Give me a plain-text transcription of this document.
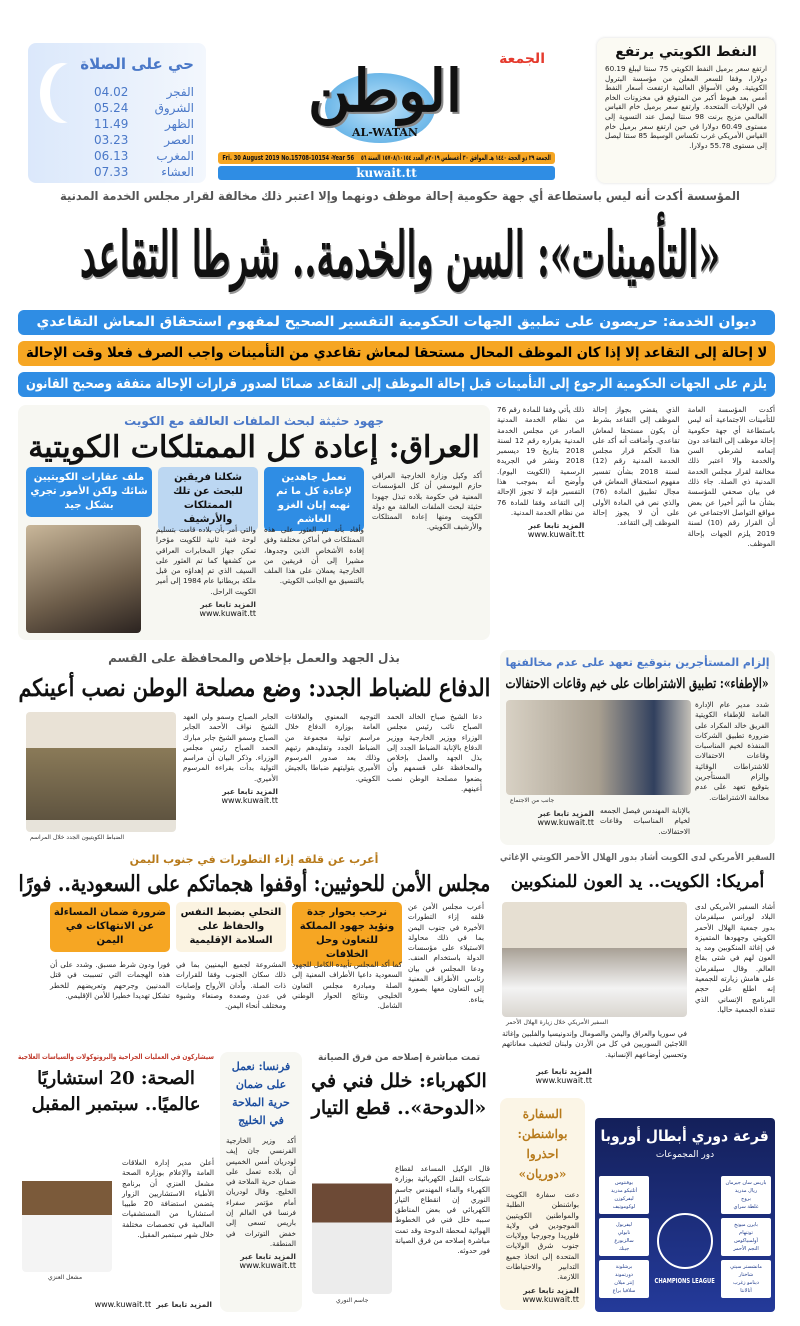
حي على الصلاة
الفجر
04.02
الشروق
05.24
الظهر
11.49
العصر
03.23
المغرب
06.13
العشاء
07.33
الجمعة
الوطن
AL-WATAN
الجمعة ٢٩ ذو الحجة ١٤٤٠ هـ الموافق ٣٠ أغسطس ٢٠١٩م العدد ١٥٧٠٨/١٠١٥٤ السنة ٥٦
Fri. 30 August 2019 No.15708-10154 -Year 56
kuwait.tt
النفط الكويتي يرتفع
ارتفع سعر برميل النفط الكويتي 75 سنتا ليبلغ 60.19 دولارا، وفقا للسعر المعلن من مؤسسة البترول الكويتية. وفي الأسواق العالمية ارتفعت أسعار النفط أمس بعد هبوط أكبر من المتوقع في مخزونات الخام في الولايات المتحدة. وارتفع سعر برميل خام القياس العالمي مزيج برنت 98 سنتا ليصل عند التسوية إلى مستوى 60.49 دولارا في حين ارتفع سعر برميل خام القياس الأمريكي غرب تكساس الوسيط 85 سنتا ليصل إلى مستوى 55.78 دولارا.
المؤسسة أكدت أنه ليس باستطاعة أي جهة حكومية إحالة موظف دونهما وإلا اعتبر ذلك مخالفة لقرار مجلس الخدمة المدنية
«التأمينات»: السن والخدمة.. شرطا التقاعد
ديوان الخدمة: حريصون على تطبيق الجهات الحكومية التفسير الصحيح لمفهوم استحقاق المعاش التقاعدي
لا إحالة إلى التقاعد إلا إذا كان الموظف المحال مستحقا لمعاش تقاعدي من التأمينات واجب الصرف فعلا وقت الإحالة
يلزم على الجهات الحكومية الرجوع إلى التأمينات قبل إحالة الموظف إلى التقاعد ضمانًا لصدور قرارات الإحالة متفقة وصحيح القانون
أكدت المؤسسة العامة للتأمينات الاجتماعية أنه ليس باستطاعة أي جهة حكومية إحالة موظف إلى التقاعد دون إتمامه لشرطي السن والخدمة وإلا اعتبر ذلك مخالفة لقرار مجلس الخدمة المدنية ذي الصلة. جاء ذلك في بيان صحفي للمؤسسة بشأن ما أثير أخيرا عن بعض مواقع التواصل الاجتماعي عن أن القرار رقم (10) لسنة 2019 يلزم الجهات بإحالة الموظف.
الذي يقضي بجواز إحالة الموظف إلى التقاعد بشرط أن يكون مستحقا لمعاش تقاعدي. وأضافت أنه أكد على هذا الحكم قرار مجلس الخدمة المدنية رقم (12) لسنة 2018 بشأن تفسير مفهوم استحقاق المعاش في مجال تطبيق المادة (76) والذي نص في المادة الأولى على أن لا يجوز إحالة الموظف إلى التقاعد.
ذلك يأتي وفقا للمادة رقم 76 من نظام الخدمة المدنية الصادر عن مجلس الخدمة المدنية بقراره رقم 12 لسنة 2018 بتاريخ 19 ديسمبر 2018 ونشر في الجريدة الرسمية (الكويت اليوم). وأوضح أنه بموجب هذا التفسير فإنه لا تجوز الإحالة إلى التقاعد وفقا للمادة 76 من نظام الخدمة المدنية.
المزيد تابعا عبر
www.kuwait.tt
جهود حثيثة لبحث الملفات العالقة مع الكويت
العراق: إعادة كل الممتلكات الكويتية
نعمل جاهدين لإعادة كل ما تم نهبه إبان الغزو الغاشم
شكلنا فريقين للبحث عن تلك الممتلكات والأرشيف
ملف عقارات الكويتيين شائك ولكن الأمور تجري بشكل جيد
أكد وكيل وزارة الخارجية العراقي حازم اليوسفي أن كل المؤسسات المعنية في حكومة بلاده تبذل جهودا حثيثة لبحث الملفات العالقة مع دولة الكويت ومنها إعادة الممتلكات والأرشيف الكويتي.
وأفاد بأنه تم العثور على هذه الممتلكات في أماكن مختلفة وفق إفادة الأشخاص الذين وجدوها، مشيرا إلى أن فريقين من الخارجية يعملان على هذا الملف بالتنسيق مع الجانب الكويتي.
والتي أمر بأن بلاده قامت بتسليم لوحة فنية ثانية للكويت مؤخرا تمكن جهاز المخابرات العراقي من كشفها كما تم العثور على السيف الذي تم إهداؤه من قبل ملكة بريطانيا عام 1984 إلى أمير الكويت الراحل.
المزيد تابعا عبر
www.kuwait.tt
بذل الجهد والعمل بإخلاص والمحافظة على القسم
الدفاع للضباط الجدد: وضع مصلحة الوطن نصب أعينكم
دعا الشيخ صباح الخالد الحمد الصباح نائب رئيس مجلس الوزراء ووزير الخارجية ووزير الدفاع بالإنابة الضباط الجدد إلى بذل الجهد والعمل بإخلاص والمحافظة على قسمهم وأن يضعوا مصلحة الوطن نصب أعينهم.
التوجيه المعنوي والعلاقات العامة بوزارة الدفاع خلال مراسم تولية مجموعة من الضباط الجدد وتقليدهم رتبهم وذلك بعد صدور المرسوم الأميري بتوليتهم ضباطا بالجيش الكويتي.
الجابر الصباح وسمو ولي العهد الشيخ نواف الأحمد الجابر الصباح وسمو الشيخ جابر مبارك الحمد الصباح رئيس مجلس الوزراء. وذكر البيان أن مراسم التولية بدأت بقراءة المرسوم الأميري.
المزيد تابعا عبر
www.kuwait.tt
الضباط الكويتيون الجدد خلال المراسم
إلزام المستأجرين بتوقيع تعهد على عدم مخالفتها
«الإطفاء»: تطبيق الاشتراطات على خيم وقاعات الاحتفالات
شدد مدير عام الإدارة العامة للإطفاء الكويتية الفريق خالد المكراد على ضرورة تطبيق الشركات المنفذة لخيم المناسبات وقاعات الاحتفالات للاشتراطات الوقائية وإلزام المستأجرين بتوقيع تعهد على عدم مخالفة الاشتراطات.
جانب من الاجتماع
بالإنابة المهندس فيصل الجمعه لخيام المناسبات وقاعات الاحتفالات.
المزيد تابعا عبر
www.kuwait.tt
أعرب عن قلقه إزاء التطورات في جنوب اليمن
مجلس الأمن للحوثيين: أوقفوا هجماتكم على السعودية.. فورًا
نرحب بحوار جدة ونؤيد جهود المملكة للتعاون وحل الخلافات
التحلي بضبط النفس والحفاظ على السلامة الإقليمية
ضرورة ضمان المساءلة عن الانتهاكات في اليمن
أعرب مجلس الأمن عن قلقه إزاء التطورات الأخيرة في جنوب اليمن بما في ذلك محاولة الاستيلاء على مؤسسات الدولة باستخدام العنف. ودعا المجلس في بيان رئاسي الأطراف المعنية إلى التعاون معها بصورة بناءة.
كما أكد المجلس تأييده الكامل للجهود السعودية داعيا الأطراف المعنية إلى الصلة ومبادرة مجلس التعاون الخليجي ونتائج الحوار الوطني الشامل.
المشروعة لجميع اليمنيين بما في ذلك سكان الجنوب وفقا للقرارات ذات الصلة. وأدان الأرواح وإصابات في عدن وصعدة وصنعاء وشبوة ومختلف أنحاء اليمن.
فورا ودون شرط مسبق. وشدد على أن هذه الهجمات التي تسببت في قتل المدنيين وجرحهم وتعريضهم للخطر تشكل تهديدا خطيرا للأمن الإقليمي.
السفير الأمريكي لدى الكويت أشاد بدور الهلال الأحمر الكويتي الإغاثي
أمريكا: الكويت.. يد العون للمنكوبين
أشاد السفير الأمريكي لدى البلاد لورانس سيلفرمان بدور جمعية الهلال الأحمر الكويتي وجهودها المتميزة في إغاثة المنكوبين ومد يد العون لهم في شتى بقاع العالم. وقال سيلفرمان على هامش زيارته للجمعية إنه اطلع على حجم البرنامج الإنساني الذي تنفذه الجمعية حاليا.
السفير الأمريكي خلال زيارة الهلال الأحمر
في سوريا والعراق واليمن والصومال وإندونيسيا والفلبين وإغاثة اللاجئين السوريين في كل من الأردن ولبنان لتخفيف معاناتهم وتحسين أوضاعهم الإنسانية.
المزيد تابعا عبر
www.kuwait.tt
سيشاركون في العمليات الجراحية والبروتوكولات والسياسات العلاجية
الصحة: 20 استشاريًا عالميًا.. سبتمبر المقبل
أعلن مدير إدارة العلاقات العامة والإعلام بوزارة الصحة مشعل العنزي أن برنامج الأطباء الاستشاريين الزوار يتضمن استضافة 20 طبيبا استشاريا من المستشفيات العالمية في تخصصات مختلفة خلال شهر سبتمبر المقبل.
مشعل العنزي
المزيد تابعا عبر www.kuwait.tt
فرنسا: نعمل على ضمان حرية الملاحة في الخليج
أكد وزير الخارجية الفرنسي جان إيف لودريان أمس الخميس أن بلاده تعمل على ضمان حرية الملاحة في الخليج. وقال لودريان أمام مؤتمر سفراء فرنسا في العالم إن باريس تسعى إلى خفض التوترات في المنطقة.
المزيد تابعا عبر
www.kuwait.tt
تمت مباشرة إصلاحه من فرق الصيانة
الكهرباء: خلل فني في «الدوحة».. قطع التيار
قال الوكيل المساعد لقطاع شبكات النقل الكهربائية بوزارة الكهرباء والماء المهندس جاسم النوري إن انقطاع التيار الكهربائي في بعض المناطق سببه خلل فني في الخطوط الهوائية لمحطة الدوحة وقد تمت مباشرة إصلاحه من فرق الصيانة فور حدوثه.
جاسم النوري
السفارة بواشنطن: احذروا «دوريان»
دعت سفارة الكويت بواشنطن الطلبة والمواطنين الكويتيين الموجودين في ولاية فلوريدا وجورجيا وولايات جنوب شرق الولايات المتحدة إلى اتخاذ جميع التدابير والاحتياطات اللازمة.
المزيد تابعا عبر
www.kuwait.tt
قرعة دوري أبطال أوروبا
دور المجموعات
CHAMPIONS LEAGUE
باريس سان جيرمان
ريال مدريد
بروج
غلطة سراي
بايرن ميونخ
توتنهام
أولمبياكوس
النجم الأحمر
مانشستر سيتي
شاختار
دينامو زغرب
أتالانتا
يوفنتوس
أتلتيكو مدريد
ليفركوزن
لوكوموتيف
ليفربول
نابولي
سالزبورغ
جينك
برشلونة
دورتموند
إنتر ميلان
سلافيا براغ
